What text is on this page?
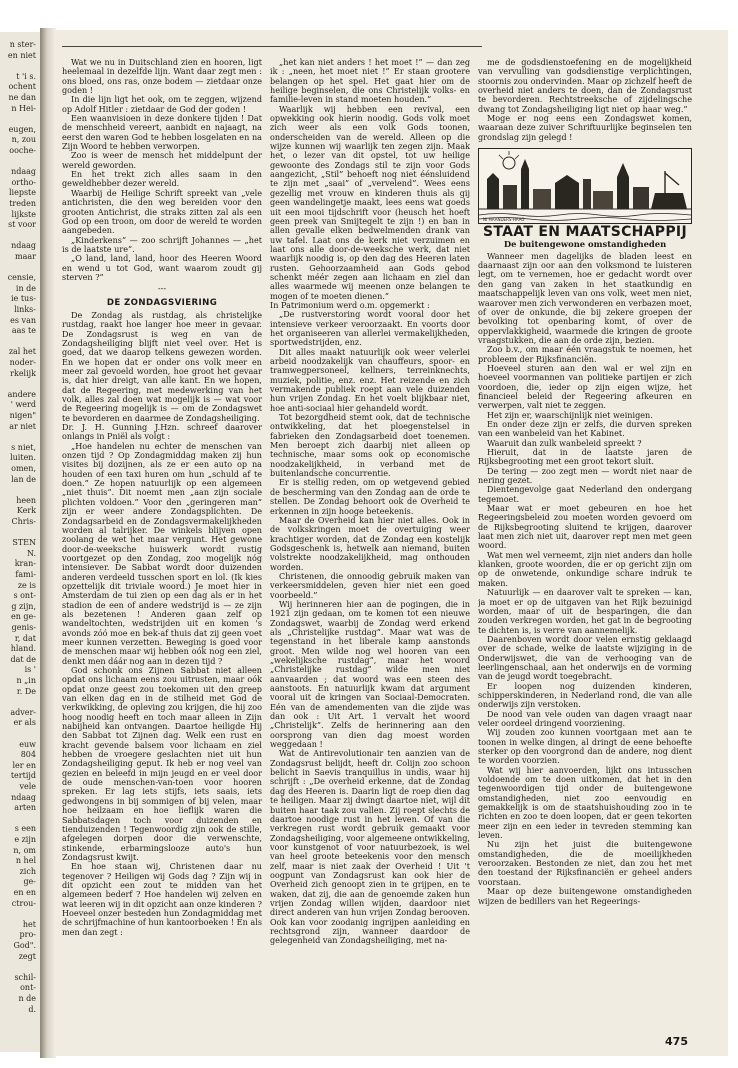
n ster-
en niet
t 'i s.
ochent
ne dan
n Hei-
eugen,
n, zou
ooche-
ndaag
ortho-
liepste
treden
lijkste
st voor
ndaag
maar
censie,
in de
ie tus-
links-
es van
aas te
zal het
noder-
rkelijk
andere
' werd
nigen"
ar niet
s niet,
luiten.
omen,
lan de
heen
Kerk
Chris-
STEN
N.
kran-
fami-
ze is
s ont-
g zijn,
en ge-
genis-
r, dat
hland.
dat de
is '
n „in
r. De
adver-
er als
euw
804
ler en
tertijd
vele
ndaag
arten
s een
e zijn
n, om
n hel
zich
ge-
en en
ctrou-
het
pro-
God".
zegt
schil-
ont-
n de
d.

Wat we nu in Duitschland zien en hooren, ligt heelemaal in dezelfde lijn. Want daar zegt men : ons bloed, ons ras, onze bodem — zietdaar onze goden !

In die lijn ligt het ook, om te zeggen, wijzend op Adolf Hitler : zietdaar de God der goden !

Een waanvisioen in deze donkere tijden ! Dat de menschheid vereert, aanbidt en najaagt, na eerst den waren God te hebben losgelaten en na Zijn Woord te hebben verworpen.

Zoo is weer de mensch het middelpunt der wereld geworden.

En het trekt zich alles saam in den geweldhebber dezer wereld.

Waarbij de Heilige Schrift spreekt van „vele antichristen, die den weg bereiden voor den grooten Antichrist, die straks zitten zal als een God op een troon, om door de wereld te worden aangebeden.

„Kinderkens” — zoo schrijft Johannes — „het is de laatste ure”.

„O land, land, land, hoor des Heeren Woord en wend u tot God, want waarom zoudt gij sterven ?”

---
DE ZONDAGSVIERING

De Zondag als rustdag, als christelijke rustdag, raakt hoe langer hoe meer in gevaar. De Zondagsrust is weg en van de Zondagsheiliging blijft niet veel over. Het is goed, dat we daarop telkens gewezen worden. En we hopen dat er onder ons volk meer en meer zal gevoeld worden, hoe groot het gevaar is, dat hier dreigt, van alle kant. En we hopen, dat de Regeering, met medewerking van het volk, alles zal doen wat mogelijk is — wat voor de Regeering mogelijk is — om de Zondagswet te bevorderen en daarmee de Zondagsheiliging.

Dr. J. H. Gunning J.Hzn. schreef daarover onlangs in Pniël als volgt :

„Hoe handelen nu echter de menschen van onzen tijd ? Op Zondagmiddag maken zij hun visites bij dozijnen, als ze er een auto op na houden of een taxi huren om hun „schuld af te doen.” Ze hopen natuurlijk op een algemeen „niet thuis”. Dit noemt men „aan zijn sociale plichten voldoen.” Voor den „geringeren man” zijn er weer andere Zondagsplichten. De Zondagsarbeid en de Zondagsvermakelijkheden worden al talrijker. De winkels blijven open zoolang de wet het maar vergunt. Het gewone door-de-weeksche huiswerk wordt rustig voortgezet op den Zondag, zoo mogelijk nóg intensiever. De Sabbat wordt door duizenden anderen verdeeld tusschen sport en lol. (Ik kies opzettelijk dit triviale woord.) Je moet hier in Amsterdam de tui zien op een dag als er in het stadion de een of andere wedstrijd is — ze zijn als bezetenen ! Anderen gaan zelf op wandeltochten, wedstrijden uit en komen 's avonds zóó moe en bek-af thuis dat zij geen voet meer kunnen verzetten. Beweging is goed voor de menschen maar wij hebben oók nog een ziel, denkt men dáár nog aan in dezen tijd ?

God schonk ons Zijnen Sabbat niet alleen opdat ons lichaam eens zou uitrusten, maar oók opdat onze geest zou toekomen uit den greep van elken dag en in de stilheid met God de verkwikking, de opleving zou krijgen, die hij zoo hoog noodig heeft en toch maar alleen in Zijn nabijheid kan ontvangen. Daartoe heiligde Hij den Sabbat tot Zijnen dag. Welk een rust en kracht gevende balsem voor lichaam en ziel hebben de vroegere geslachten niet uit hun Zondagsheiliging geput. Ik heb er nog veel van gezien en beleefd in mijn jeugd en er veel door de oude menschen-van-toen voor hooren spreken. Er lag iets stijfs, iets saais, iets gedwongens in bij sommigen of bij velen, maar hoe heilzaam en hoe lieflijk waren die Sabbatsdagen toch voor duizenden en tienduizenden ! Tegenwoordig zijn ook de stille, afgelegen dorpen door die verwenschte, stinkende, erbarmingslooze auto's hun Zondagsrust kwijt.

En hoe staan wij, Christenen daar nu tegenover ? Heiligen wij Gods dag ? Zijn wij in dit opzicht een zout te midden van het algemeen bederf ? Hoe handelen wij zelven en wat leeren wij in dit opzicht aan onze kinderen ? Hoeveel onzer besteden hun Zondagmiddag met de schrijfmachine of hun kantoorboeken ! En als men dan zegt :

„het kan niet anders ! het moet !” — dan zeg ik : „neen, het moet niet !” Er staan grootere belangen op het spel. Het gaat hier om de heilige beginselen, die ons Christelijk volks- en familie-leven in stand moeten houden.”

Waarlijk wij hebben een revival, een opwekking ook hierin noodig. Gods volk moet zich weer als een volk Gods toonen, onderscheiden van de wereld. Alleen op die wijze kunnen wij waarlijk ten zegen zijn. Maak het, o lezer van dit opstel, tot uw heilige gewoonte des Zondags stil te zijn voor Gods aangezicht, „Stil” behoeft nog niet éénsluidend te zijn met „saai” of „vervelend”. Wees eens gezellig met vrouw en kinderen thuis als gij geen wandelingetje maakt, lees eens wat goeds uit een mooi tijdschrift voor (heusch het hoeft geen preek van Smijtegelt te zijn !) en ban in allen gevalle elken bedwelmenden drank van uw tafel. Laat ons de kerk niet verzuimen en laat ons alle door-de-weeksche werk, dat niet waarlijk noodig is, op den dag des Heeren laten rusten. Gehoorzaamheid aan Gods gebod schenkt méér zegen aan lichaam en ziel dan alles waarmede wij meenen onze belangen te mogen of te moeten dienen.”

In Patrimonium werd o.m. opgemerkt :

„De rustverstoring wordt vooral door het intensieve verkeer veroorzaakt. En voorts door het organiseeren van allerlei vermakelijkheden, sportwedstrijden, enz.

Dit alles maakt natuurlijk ook weer velerlei arbeid noodzakelijk van chauffeurs, spoor- en tramwegpersoneel, kellners, terreinknechts, muziek, politie, enz. enz. Het reizende en zich vermakende publiek roept aan vele duizenden hun vrijen Zondag. En het voelt blijkbaar niet, hoe anti-sociaal hier gehandeld wordt.

Tot bezorgdheid stemt ook, dat de technische ontwikkeling, dat het ploegenstelsel in fabrieken den Zondagsarbeid doet toenemen. Men beroept zich daarbij niet alleen op technische, maar soms ook op economische noodzakelijkheid, in verband met de buitenlandsche concurrentie.

Er is stellig reden, om op wetgevend gebied de bescherming van den Zondag aan de orde te stellen. De Zondag behoort ook de Overheid te erkennen in zijn hooge beteekenis.

Maar de Overheid kan hier niet alles. Ook in de volkskringen moet de overtuiging weer krachtiger worden, dat de Zondag een kostelijk Godsgeschenk is, hetwelk aan niemand, buiten volstrekte noodzakelijkheid, mag onthouden worden.

Christenen, die onnoodig gebruik maken van verkeersmiddelen, geven hier niet een goed voorbeeld.”

Wij herinneren hier aan de pogingen, die in 1921 zijn gedaan, om te komen tot een nieuwe Zondagswet, waarbij de Zondag werd erkend als „Christelijke rustdag”. Maar wat was de tegenstand in het liberale kamp aanstonds groot. Men wilde nog wel hooren van een „wekelijksche rustdag”, maar het woord „Christelijke rustdag” wilde men niet aanvaarden ; dat woord was een steen des aanstoots. En natuurlijk kwam dat argument vooral uit de kringen van Sociaal-Democraten. Eén van de amendementen van die zijde was dan ook : Uit Art. 1 vervalt het woord „Christelijk”. Zelfs de herinnering aan den oorsprong van dien dag moest worden weggedaan !

Wat de Antirevolutionair ten aanzien van de Zondagsrust belijdt, heeft dr. Colijn zoo schoon belicht in Saevis tranquillus in undis, waar hij schrijft : „De overheid erkenne, dat de Zondag dag des Heeren is. Daarin ligt de roep dien dag te heiligen. Maar zij dwingt daartoe niet, wijl dit buiten haar taak zou vallen. Zij roept slechts de daartoe noodige rust in het leven. Of van die verkregen rust wordt gebruik gemaakt voor Zondagsheiliging, voor algemeene ontwikkeling, voor kunstgenot of voor natuurbezoek, is wel van heel groote beteekenis voor den mensch zelf, maar is niet zaak der Overheid ! Uit 't oogpunt van Zondagsrust kan ook hier de Overheid zich genoopt zien in te grijpen, en te waken, dat zij, die aan de genoemde zaken hun vrijen Zondag willen wijden, daardoor niet direct anderen van hun vrijen Zondag berooven. Ook kan voor zoodanig ingrijpen aanleiding en rechtsgrond zijn, wanneer daardoor de gelegenheid van Zondagsheiliging, met na-

me de godsdienstoefening en de mogelijkheid van vervulling van godsdienstige verplichtingen, stoornis zou ondervinden. Maar op zichzelf heeft de overheid niet anders te doen, dan de Zondagsrust te bevorderen. Rechtstreeksche of zijdelingsche dwang tot Zondagsheiliging ligt niet op haar weg.”

Moge er nog eens een Zondagswet komen, waaraan deze zuiver Schriftuurlijke beginselen ten grondslag zijn gelegd !

NI MAANDERS-HAAG
STAAT EN MAATSCHAPPIJ
De buitengewone omstandigheden

Wanneer men dagelijks de bladen leest en daarnaast zijn oor aan den volksmond te luisteren legt, om te vernemen, hoe er gedacht wordt over den gang van zaken in het staatkundig en maatschappelijk leven van ons volk, weet men niet, waarover men zich verwonderen en verbazen moet, of over de onkunde, die bij zekere groepen der bevolking tot openbaring komt, of over de oppervlakkigheid, waarmede die kringen de groote vraagstukken, die aan de orde zijn, bezien.

Zoo b.v., om maar één vraagstuk te noemen, het probleem der Rijksfinanciën.

Hoeveel sturen aan den wal er wel zijn en hoeveel voormannen van politieke partijen er zich voordoen, die, ieder op zijn eigen wijze, het financieel beleid der Regeering afkeuren en verwerpen, valt niet te zeggen.

Het zijn er, waarschijnlijk niet weinigen.

En onder deze zijn er zelfs, die durven spreken van een wanbeleid van het Kabinet.

Waaruit dan zulk wanbeleid spreekt ?

Hieruit, dat in de laatste jaren de Rijksbegrooting met een groot tekort sluit.

De tering — zoo zegt men — wordt niet naar de nering gezet.

Dientengevolge gaat Nederland den ondergang tegemoet.

Maar wat er moet gebeuren en hoe het Regeeringsbeleid zou moeten worden gevoerd om de Rijksbegrooting sluitend te krijgen, daarover laat men zich niet uit, daarover rept men met geen woord.

Wat men wel verneemt, zijn niet anders dan holle klanken, groote woorden, die er op gericht zijn om op de onwetende, onkundige schare indruk te maken.

Natuurlijk — en daarover valt te spreken — kan, ja moet er op de uitgaven van het Rijk bezuinigd worden, maar of uit de besparingen, die dan zouden verkregen worden, het gat in de begrooting te dichten is, is verre van aannemelijk.

Daarenboven wordt door velen ernstig geklaagd over de schade, welke de laatste wijziging in de Onderwijswet, die van de verhooging van de leerlingenschaal, aan het onderwijs en de vorming van de jeugd wordt toegebracht.

Er loopen nog duizenden kinderen, schipperskinderen, in Nederland rond, die van alle onderwijs zijn verstoken.

De nood van vele ouden van dagen vraagt naar veler oordeel dringend voorziening.

Wij zouden zoo kunnen voortgaan met aan te toonen in welke dingen, al dringt de eene behoefte sterker op den voorgrond dan de andere, nog dient te worden voorzien.

Wat wij hier aanvoerden, lijkt ons intusschen voldoende om te doen uitkomen, dat het in den tegenwoordigen tijd onder de buitengewone omstandigheden, niet zoo eenvoudig en gemakkelijk is om de staatshuishouding zoo in te richten en zoo te doen loopen, dat er geen tekorten meer zijn en een ieder in tevreden stemming kan leven.

Nu zijn het juist die buitengewone omstandigheden, die de moeilijkheden veroorzaken. Bestonden ze niet, dan zou het met den toestand der Rijksfinanciën er geheel anders voorstaan.

Maar op deze buitengewone omstandigheden wijzen de bedillers van het Regeerings-

475
